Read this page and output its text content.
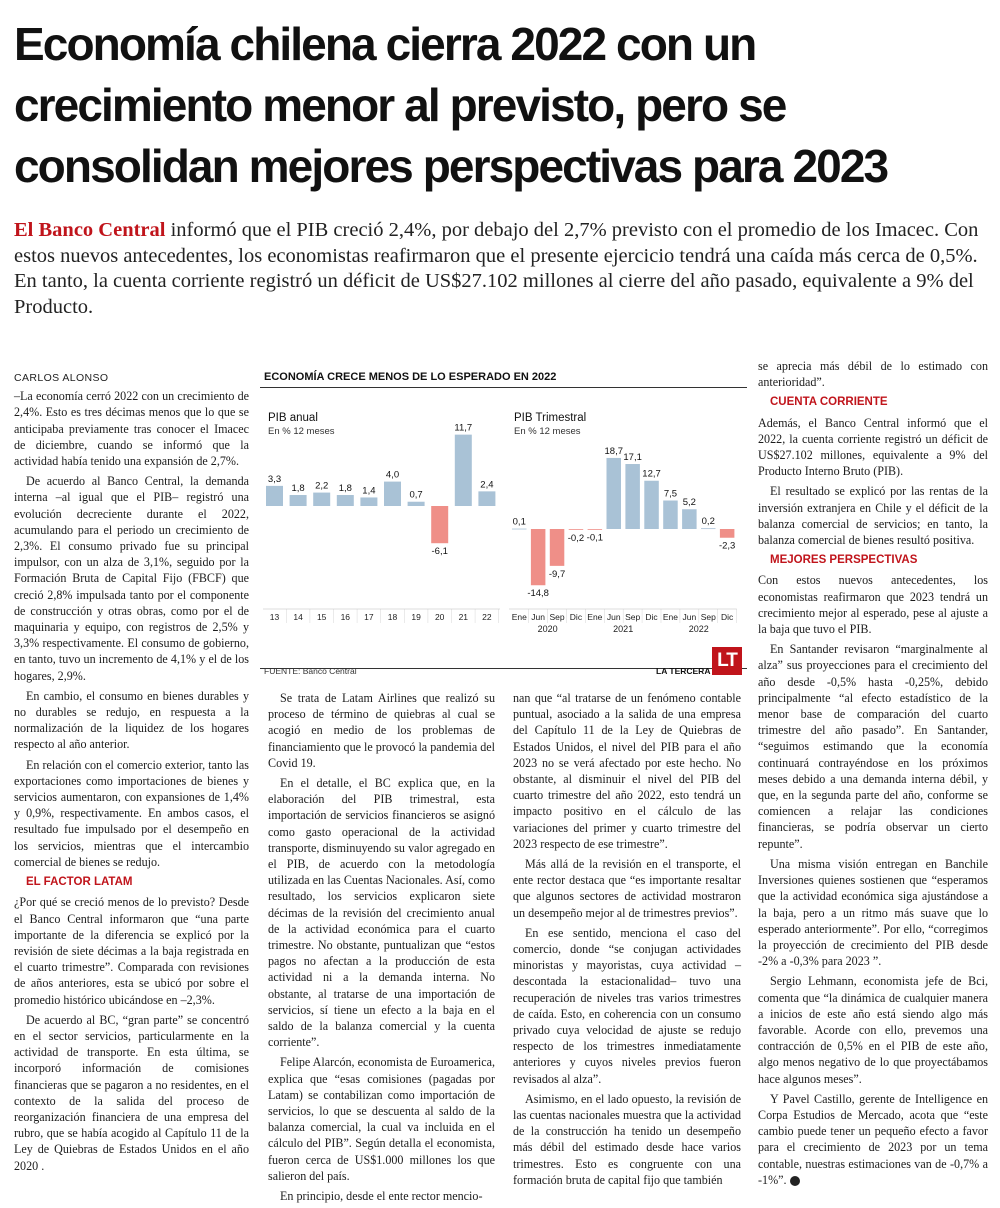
Economía chilena cierra 2022 con un
crecimiento menor al previsto, pero se
consolidan mejores perspectivas para 2023

El Banco Central informó que el PIB creció 2,4%, por debajo del 2,7% previsto con el promedio de los Imacec. Con estos nuevos antecedentes, los economistas reafirmaron que el presente ejercicio tendrá una caída más cerca de 0,5%. En tanto, la cuenta corriente registró un déficit de US$27.102 millones al cierre del año pasado, equivalente a 9% del Producto.

CARLOS ALONSO

–La economía cerró 2022 con un crecimiento de 2,4%. Esto es tres décimas menos que lo que se anticipaba previamente tras conocer el Imacec de diciembre, cuando se informó que la actividad había tenido una expansión de 2,7%.

De acuerdo al Banco Central, la demanda interna –al igual que el PIB– registró una evolución decreciente durante el 2022, acumulando para el periodo un crecimiento de 2,3%. El consumo privado fue su principal impulsor, con un alza de 3,1%, seguido por la Formación Bruta de Capital Fijo (FBCF) que creció 2,8% impulsada tanto por el componente de construcción y otras obras, como por el de maquinaria y equipo, con registros de 2,5% y 3,3% respectivamente. El consumo de gobierno, en tanto, tuvo un incremento de 4,1% y el de los hogares, 2,9%.

En cambio, el consumo en bienes durables y no durables se redujo, en respuesta a la normalización de la liquidez de los hogares respecto al año anterior.

En relación con el comercio exterior, tanto las exportaciones como importaciones de bienes y servicios aumentaron, con expansiones de 1,4% y 0,9%, respectivamente. En ambos casos, el resultado fue impulsado por el desempeño en los servicios, mientras que el intercambio comercial de bienes se redujo.

EL FACTOR LATAM

¿Por qué se creció menos de lo previsto? Desde el Banco Central informaron que “una parte importante de la diferencia se explicó por la revisión de siete décimas a la baja registrada en el cuarto trimestre”. Comparada con revisiones de años anteriores, esta se ubicó por sobre el promedio histórico ubicándose en –2,3%.

De acuerdo al BC, “gran parte” se concentró en el sector servicios, particularmente en la actividad de transporte. En esta última, se incorporó información de comisiones financieras que se pagaron a no residentes, en el contexto de la salida del proceso de reorganización financiera de una empresa del rubro, que se había acogido al Capítulo 11 de la Ley de Quiebras de Estados Unidos en el año 2020 .

ECONOMÍA CRECE MENOS DE LO ESPERADO EN 2022
PIB anual
En % 12 meses
3,3
13
1,8
14
2,2
15
1,8
16
1,4
17
4,0
18
0,7
19
-6,1
20
11,7
21
2,4
22
PIB Trimestral
En % 12 meses
0,1
Ene
-14,8
Jun
-9,7
Sep
-0,2
Dic
-0,1
Ene
18,7
Jun
17,1
Sep
12,7
Dic
7,5
Ene
5,2
Jun
0,2
Sep
-2,3
Dic
2020	2021	2022
FUENTE: Banco Central	LA TERCERA LT

Se trata de Latam Airlines que realizó su proceso de término de quiebras al cual se acogió en medio de los problemas de financiamiento que le provocó la pandemia del Covid 19.

En el detalle, el BC explica que, en la elaboración del PIB trimestral, esta importación de servicios financieros se asignó como gasto operacional de la actividad transporte, disminuyendo su valor agregado en el PIB, de acuerdo con la metodología utilizada en las Cuentas Nacionales. Así, como resultado, los servicios explicaron siete décimas de la revisión del crecimiento anual de la actividad económica para el cuarto trimestre. No obstante, puntualizan que “estos pagos no afectan a la producción de esta actividad ni a la demanda interna. No obstante, al tratarse de una importación de servicios, sí tiene un efecto a la baja en el saldo de la balanza comercial y la cuenta corriente”.

Felipe Alarcón, economista de Euroamerica, explica que “esas comisiones (pagadas por Latam) se contabilizan como importación de servicios, lo que se descuenta al saldo de la balanza comercial, la cual va incluida en el cálculo del PIB”. Según detalla el economista, fueron cerca de US$1.000 millones los que salieron del país.

En principio, desde el ente rector mencio-

nan que “al tratarse de un fenómeno contable puntual, asociado a la salida de una empresa del Capítulo 11 de la Ley de Quiebras de Estados Unidos, el nivel del PIB para el año 2023 no se verá afectado por este hecho. No obstante, al disminuir el nivel del PIB del cuarto trimestre del año 2022, esto tendrá un impacto positivo en el cálculo de las variaciones del primer y cuarto trimestre del 2023 respecto de ese trimestre”.

Más allá de la revisión en el transporte, el ente rector destaca que “es importante resaltar que algunos sectores de actividad mostraron un desempeño mejor al de trimestres previos”.

En ese sentido, menciona el caso del comercio, donde “se conjugan actividades minoristas y mayoristas, cuya actividad –descontada la estacionalidad– tuvo una recuperación de niveles tras varios trimestres de caída. Esto, en coherencia con un consumo privado cuya velocidad de ajuste se redujo respecto de los trimestres inmediatamente anteriores y cuyos niveles previos fueron revisados al alza”.

Asimismo, en el lado opuesto, la revisión de las cuentas nacionales muestra que la actividad de la construcción ha tenido un desempeño más débil del estimado desde hace varios trimestres. Esto es congruente con una formación bruta de capital fijo que también

se aprecia más débil de lo estimado con anterioridad”.

CUENTA CORRIENTE

Además, el Banco Central informó que el 2022, la cuenta corriente registró un déficit de US$27.102 millones, equivalente a 9% del Producto Interno Bruto (PIB).

El resultado se explicó por las rentas de la inversión extranjera en Chile y el déficit de la balanza comercial de servicios; en tanto, la balanza comercial de bienes resultó positiva.

MEJORES PERSPECTIVAS

Con estos nuevos antecedentes, los economistas reafirmaron que 2023 tendrá un crecimiento mejor al esperado, pese al ajuste a la baja que tuvo el PIB.

En Santander revisaron “marginalmente al alza” sus proyecciones para el crecimiento del año desde -0,5% hasta -0,25%, debido principalmente “al efecto estadístico de la menor base de comparación del cuarto trimestre del año pasado”. En Santander, “seguimos estimando que la economía continuará contrayéndose en los próximos meses debido a una demanda interna débil, y que, en la segunda parte del año, conforme se comiencen a relajar las condiciones financieras, se podría observar un cierto repunte”.

Una misma visión entregan en Banchile Inversiones quienes sostienen que “esperamos que la actividad económica siga ajustándose a la baja, pero a un ritmo más suave que lo esperado anteriormente”. Por ello, “corregimos la proyección de crecimiento del PIB desde -2% a -0,3% para 2023 ”.

Sergio Lehmann, economista jefe de Bci, comenta que “la dinámica de cualquier manera a inicios de este año está siendo algo más favorable. Acorde con ello, prevemos una contracción de 0,5% en el PIB de este año, algo menos negativo de lo que proyectábamos hace algunos meses”.

Y Pavel Castillo, gerente de Intelligence en Corpa Estudios de Mercado, acota que “este cambio puede tener un pequeño efecto a favor para el crecimiento de 2023 por un tema contable, nuestras estimaciones van de -0,7% a -1%”. P
